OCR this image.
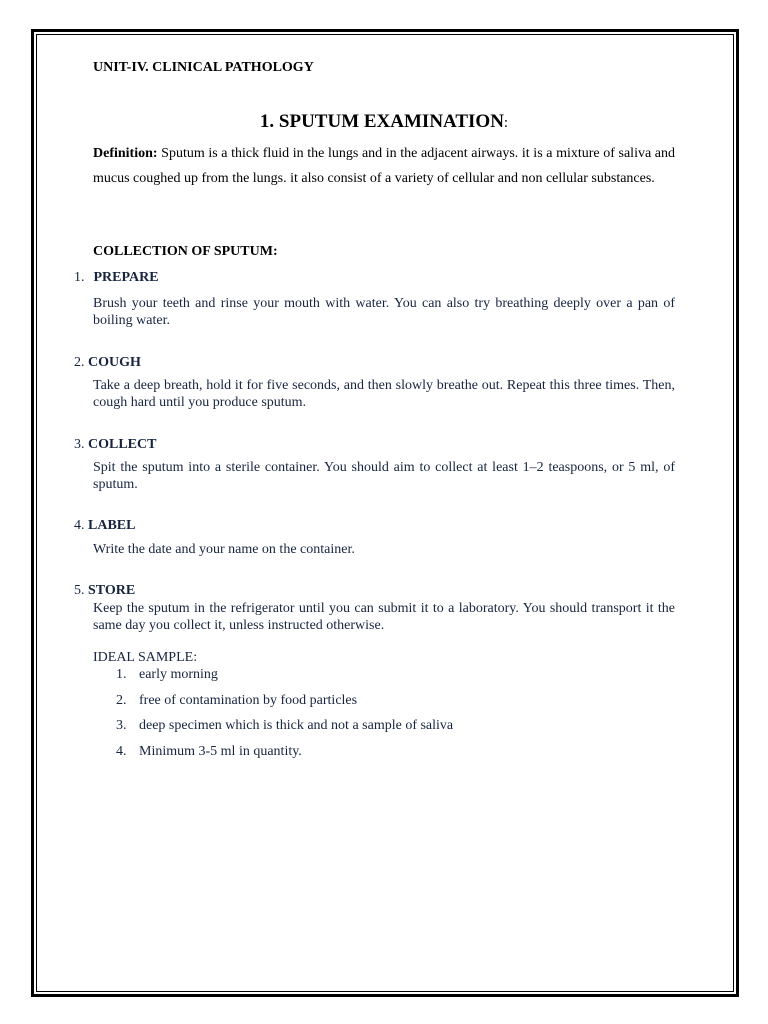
UNIT-IV. CLINICAL PATHOLOGY

1. SPUTUM EXAMINATION:

Definition: Sputum is a thick fluid in the lungs and in the adjacent airways. it is a mixture of saliva and mucus coughed up from the lungs. it also consist of a variety of cellular and non cellular substances.

COLLECTION OF SPUTUM:

1. PREPARE

Brush your teeth and rinse your mouth with water. You can also try breathing deeply over a pan of boiling water.

2. COUGH

Take a deep breath, hold it for five seconds, and then slowly breathe out. Repeat this three times. Then, cough hard until you produce sputum.

3. COLLECT

Spit the sputum into a sterile container. You should aim to collect at least 1–2 teaspoons, or 5 ml, of sputum.

4. LABEL

Write the date and your name on the container.

5. STORE

Keep the sputum in the refrigerator until you can submit it to a laboratory. You should transport it the same day you collect it, unless instructed otherwise.

IDEAL SAMPLE:

1. early morning

2. free of contamination by food particles

3. deep specimen which is thick and not a sample of saliva

4. Minimum 3-5 ml in quantity.
